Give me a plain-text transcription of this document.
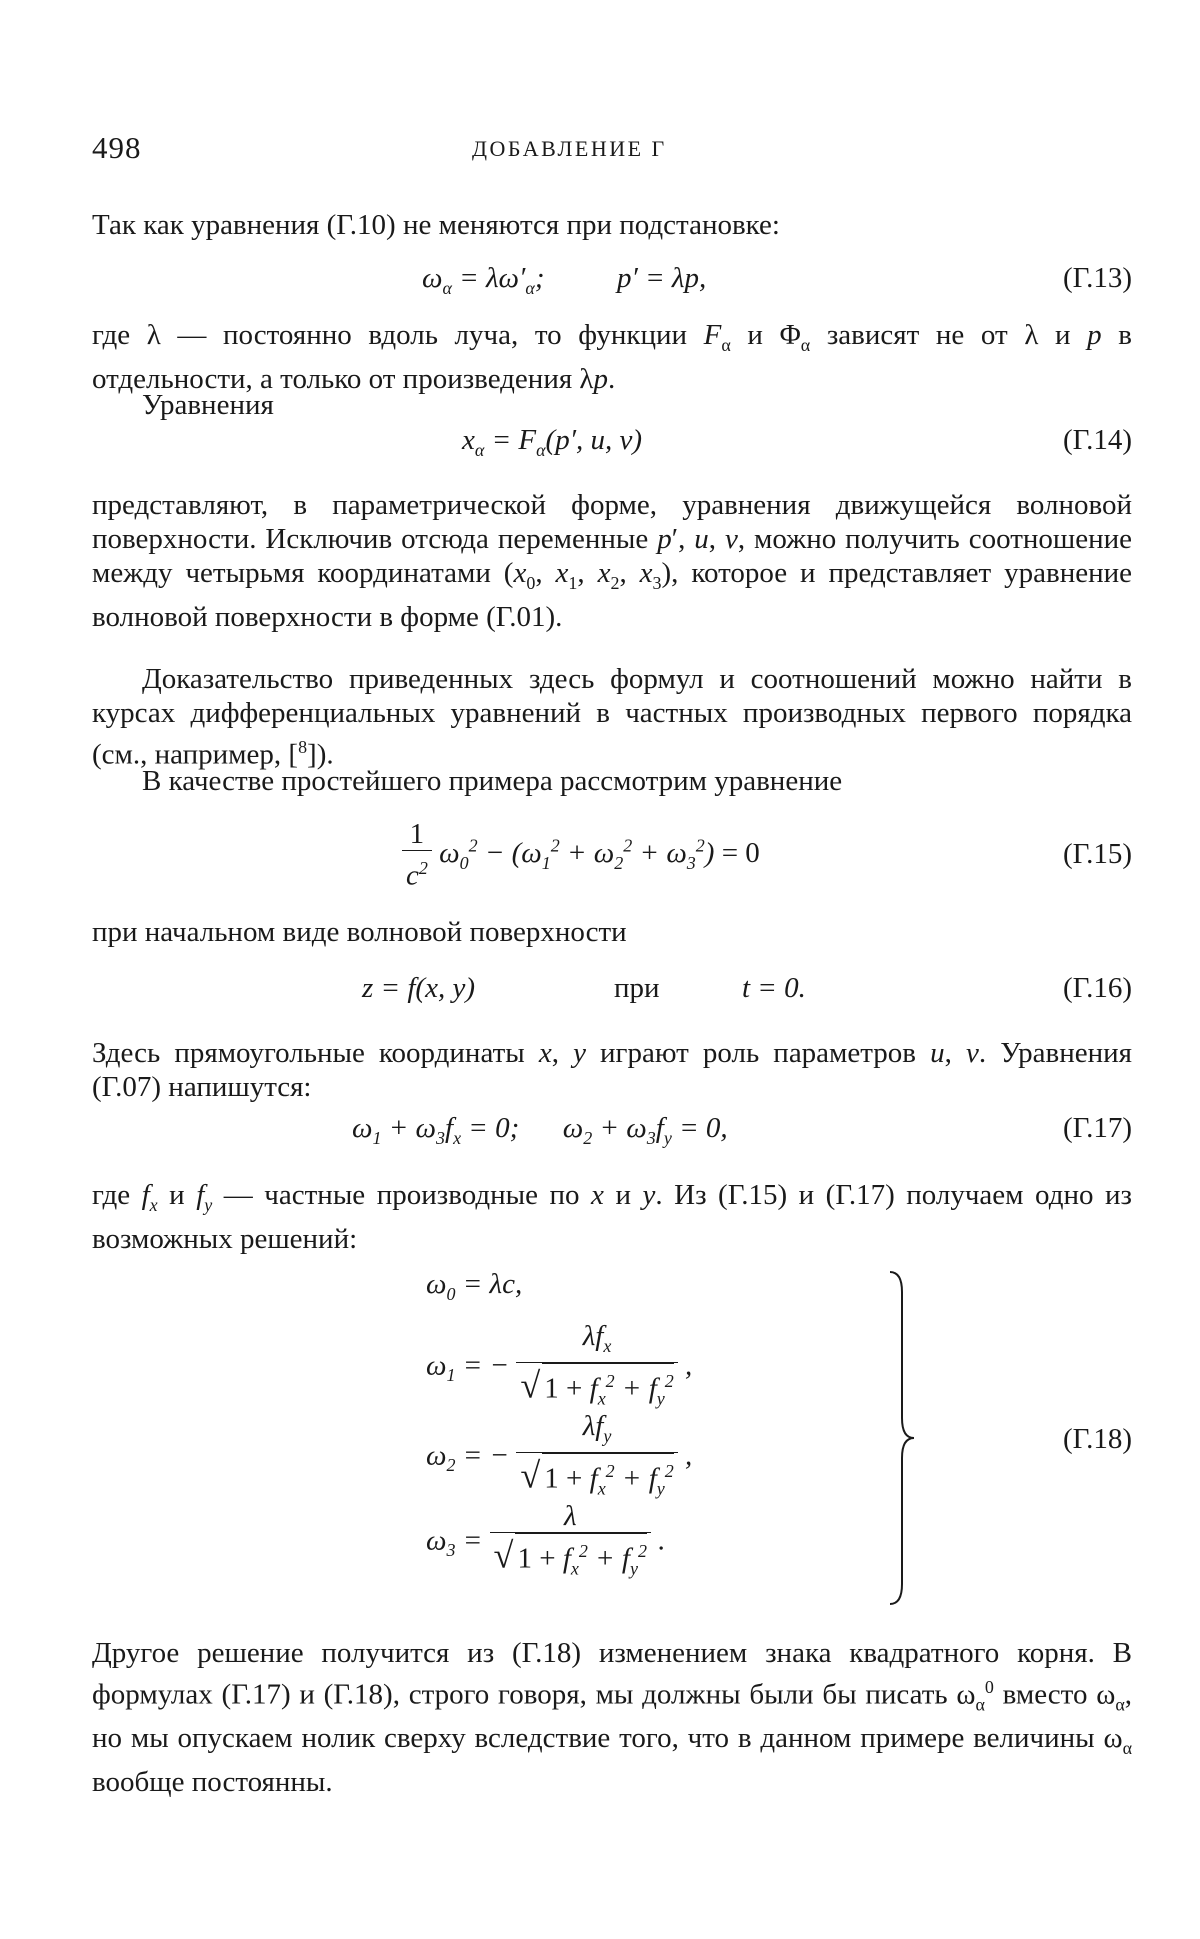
498	ДОБАВЛЕНИЕ Г

Так как уравнения (Г.10) не меняются при подстановке:

$\omega_\alpha = \lambda\omega'_\alpha$;          p′ = λp,	(Г.13)

где λ — постоянно вдоль луча, то функции $F_\alpha$ и $\Phi_\alpha$ зависят не от λ и p в отдельности, а только от произведения λp.

Уравнения

$x_\alpha = F_\alpha(p'$, u, v)	(Г.14)

представляют, в параметрической форме, уравнения движущейся волновой поверхности. Исключив отсюда переменные p′, u, v, можно получить соотношение между четырьмя координатами ($x_0$, $x_1$, $x_2$, $x_3$), которое и представляет уравнение волновой поверхности в форме (Г.01).

Доказательство приведенных здесь формул и соотношений можно найти в курсах дифференциальных уравнений в частных производных первого порядка (см., например, [$^8$]).

В качестве простейшего примера рассмотрим уравнение

$\frac{1}{c^2} \omega_0^2 - (\omega_1^2 + \omega_2^2 + \omega_3^2) = 0$	(Г.15)

при начальном виде волновой поверхности

z = f(x, y)	при	t = 0.	(Г.16)

Здесь прямоугольные координаты x, y играют роль параметров u, v. Уравнения (Г.07) напишутся:

$\omega_1 + \omega_3f_x = 0$;      $\omega_2 + \omega_3f_y = 0$,	(Г.17)

где $f_x$ и $f_y$ — частные производные по x и y. Из (Г.15) и (Г.17) получаем одно из возможных решений:

$\omega_0 = \lambda c$,
$\omega_1$ = − $\frac{\lambda f_x}{√ 1 + f_x^2 + f_y^2}$ ,
$\omega_2$ = − $\frac{\lambda f_y}{√ 1 + f_x^2 + f_y^2}$ ,
$\omega_3 = \frac{\lambda}{√ 1 + f_x^2 + f_y^2}$ .
(Г.18)

Другое решение получится из (Г.18) изменением знака квадратного корня. В формулах (Г.17) и (Г.18), строго говоря, мы должны были бы писать $\omega_\alpha^0$ вместо $\omega_\alpha$, но мы опускаем нолик сверху вследствие того, что в данном примере величины $\omega_\alpha$ вообще постоянны.
